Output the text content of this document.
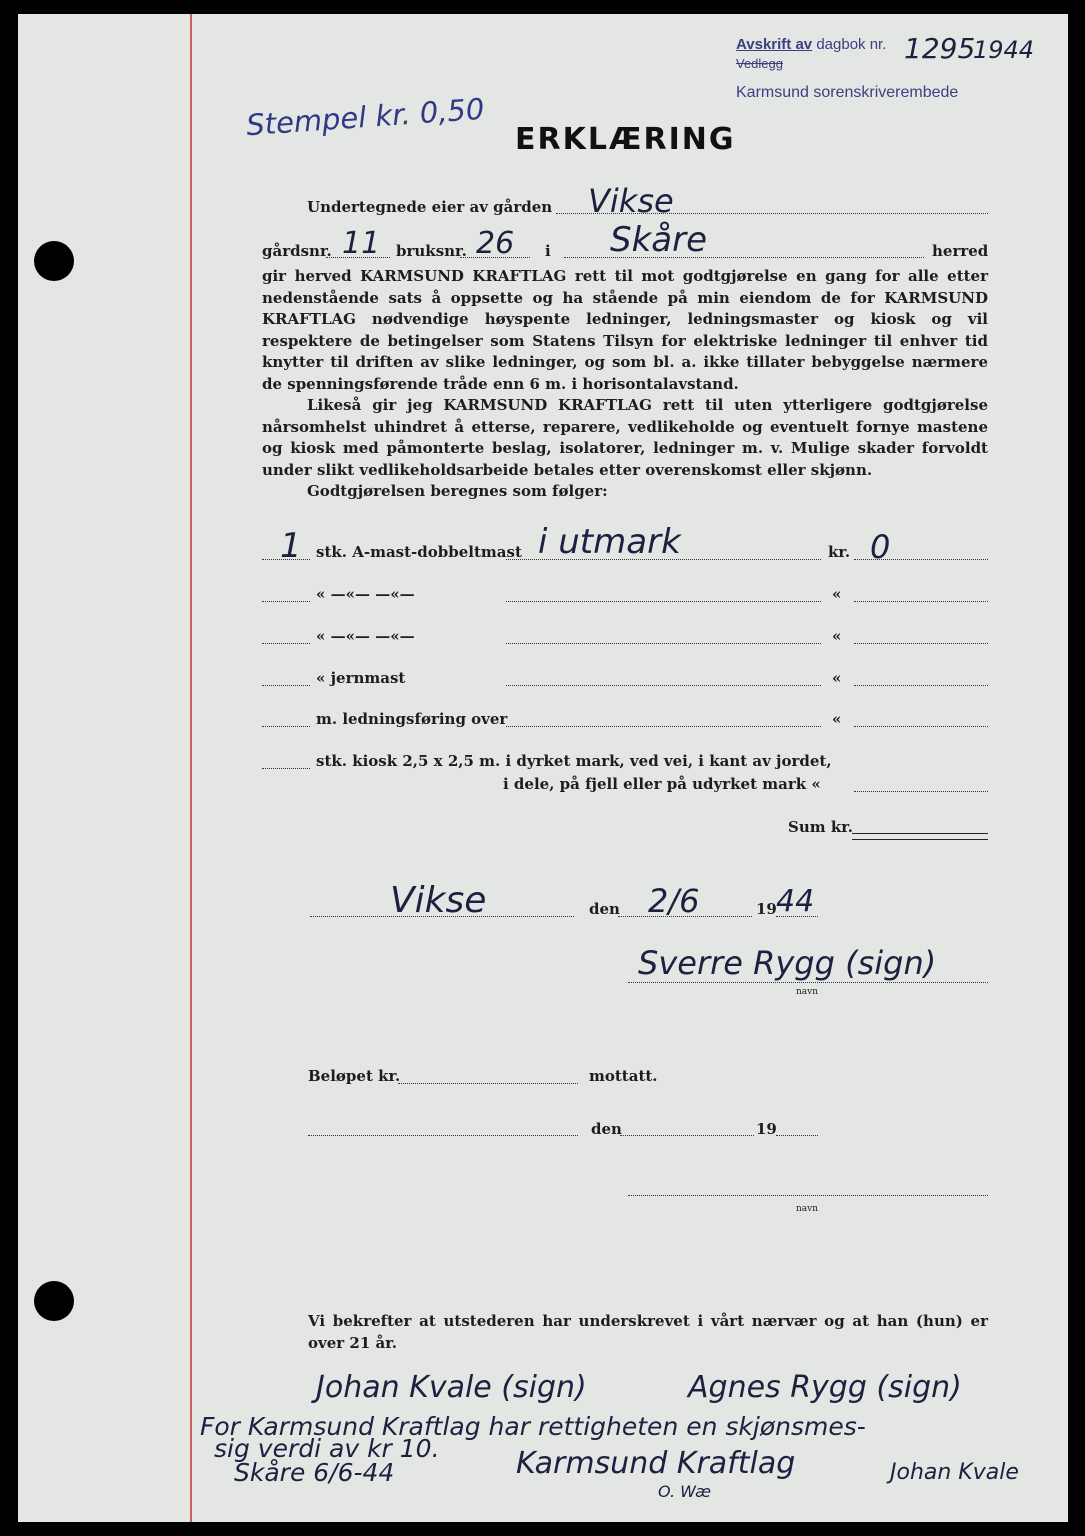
Avskrift av dagbok nr.
Vedlegg	1295
1944
Karmsund sorenskriverembede
Stempel kr. 0,50 ERKLÆRING
Undertegnede eier av gården Vikse
gårdsnr. 11 bruksnr. 26 i Skåre	herred

gir herved KARMSUND KRAFTLAG rett til mot godtgjørelse en gang for alle etter nedenstående sats å oppsette og ha stående på min eiendom de for KARMSUND KRAFTLAG nødvendige høyspente ledninger, ledningsmaster og kiosk og vil respektere de betingelser som Statens Tilsyn for elektriske ledninger til enhver tid knytter til driften av slike ledninger, og som bl. a. ikke tillater bebyggelse nærmere de spenningsførende tråde enn 6 m. i horisontalavstand.

Likeså gir jeg KARMSUND KRAFTLAG rett til uten ytterligere godtgjørelse nårsomhelst uhindret å etterse, reparere, vedlikeholde og eventuelt fornye mastene og kiosk med påmonterte beslag, isolatorer, ledninger m. v. Mulige skader forvoldt under slikt vedlikeholdsarbeide betales etter overenskomst eller skjønn.

Godtgjørelsen beregnes som følger:

1 stk. A-mast-dobbeltmast i utmark	kr. 0
« —«— —«—	«
« —«— —«—	«
« jernmast	«
m. ledningsføring over	«
stk. kiosk 2,5 x 2,5 m. i dyrket mark, ved vei, i kant av jordet,
i dele, på fjell eller på udyrket mark «
Sum kr.
Vikse	den 2/6	19 44
Sverre Rygg (sign)
navn
Beløpet kr.	mottatt.
den	19
navn
Vi bekrefter at utstederen har underskrevet i vårt nærvær og at han (hun) er over 21 år.
Johan Kvale (sign)	Agnes Rygg (sign)
For Karmsund Kraftlag har rettigheten en skjønsmes-
sig verdi av kr 10.
Skåre 6/6-44	Karmsund Kraftlag
O. Wæ
Johan Kvale
